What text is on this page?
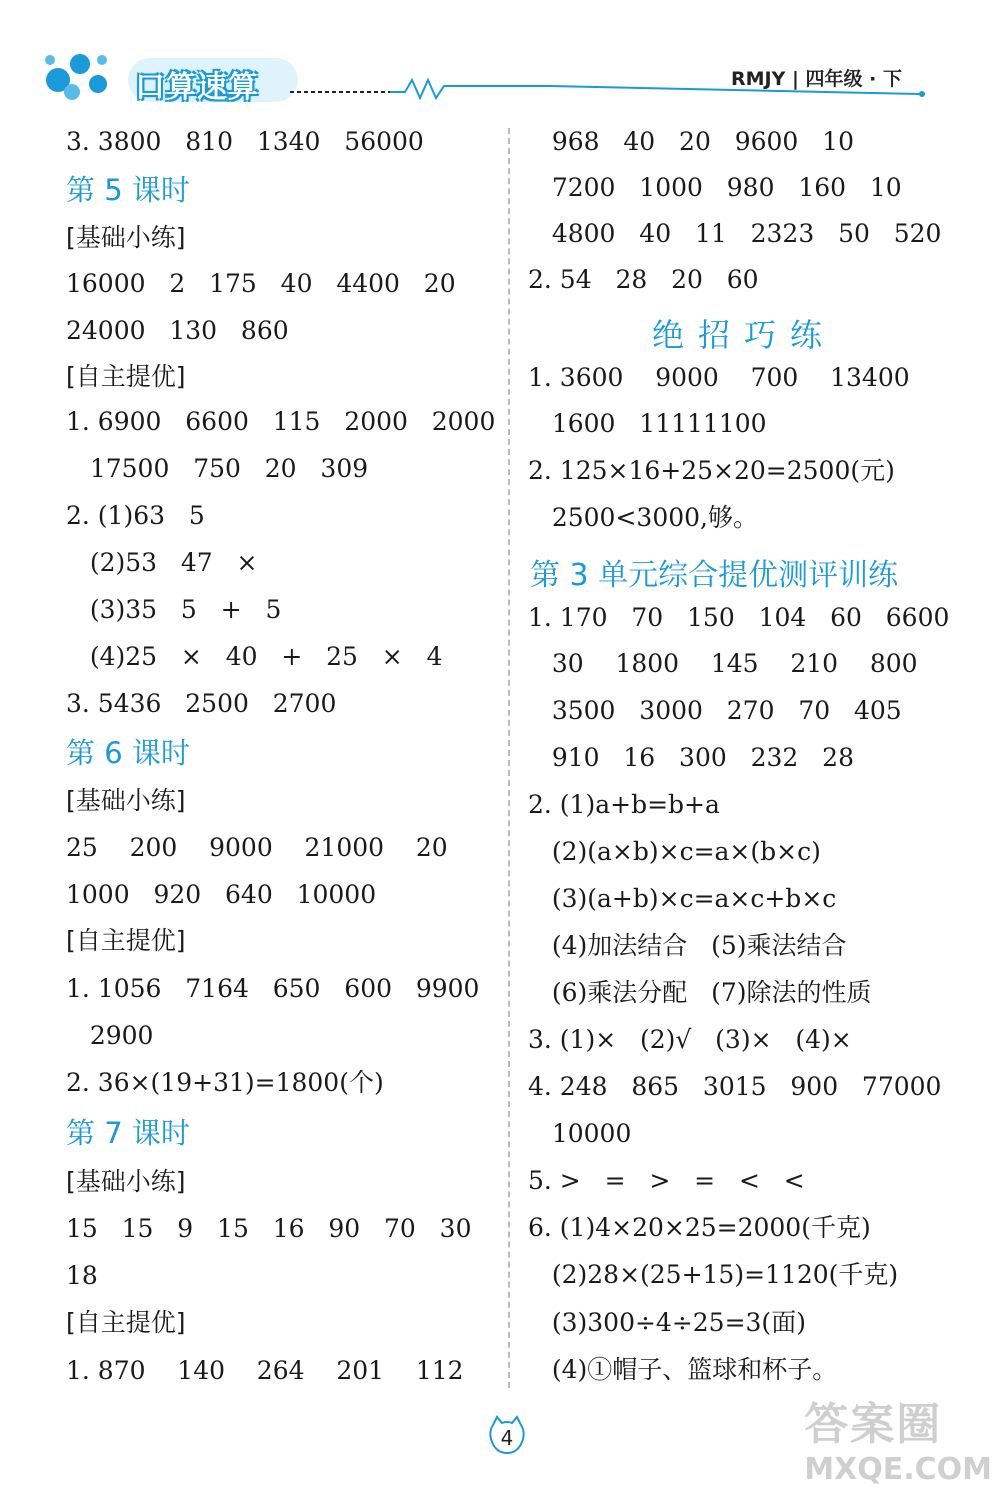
口算速算	RMJY | 四年级 · 下
3. 3800   810   1340   56000
第 5 课时
[基础小练]
16000   2   175   40   4400   20
24000   130   860
[自主提优]
1. 6900   6600   115   2000   2000
17500   750   20   309
2. (1)63   5
(2)53   47   ×
(3)35   5   +   5
(4)25   ×   40   +   25   ×   4
3. 5436   2500   2700
第 6 课时
[基础小练]
25    200    9000    21000    20
1000   920   640   10000
[自主提优]
1. 1056   7164   650   600   9900
2900
2. 36×(19+31)=1800(个)
第 7 课时
[基础小练]
15   15   9   15   16   90   70   30
18
[自主提优]
1. 870    140    264    201    112
968   40   20   9600   10
7200   1000   980   160   10
4800   40   11   2323   50   520
2. 54   28   20   60
绝招巧练
1. 3600    9000    700    13400
1600   11111100
2. 125×16+25×20=2500(元)
2500<3000,够。
第 3 单元综合提优测评训练
1. 170   70   150   104   60   6600
30    1800    145    210    800
3500   3000   270   70   405
910   16   300   232   28
2. (1)a+b=b+a
(2)(a×b)×c=a×(b×c)
(3)(a+b)×c=a×c+b×c
(4)加法结合   (5)乘法结合
(6)乘法分配   (7)除法的性质
3. (1)×   (2)√   (3)×   (4)×
4. 248   865   3015   900   77000
10000
5. >   =   >   =   <   <
6. (1)4×20×25=2000(千克)
(2)28×(25+15)=1120(千克)
(3)300÷4÷25=3(面)
(4)①帽子、篮球和杯子。
4	答案圈
MXQE.COM
